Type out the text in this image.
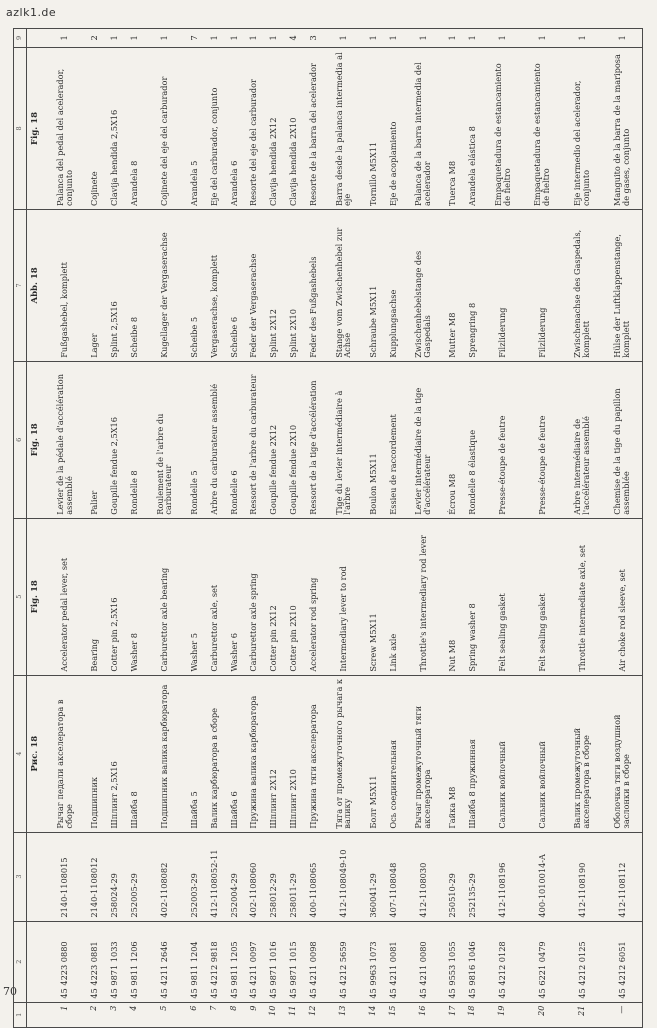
azlk1.de
70
1	2	3	4	5	6	7	8	9
			Рис. 18	Fig. 18	Fig. 18	Abb. 18	Fig. 18	
1	45 4223 0880	2140-1108015	Рычаг педали акселератора в сборе	Accelerator pedal lever, set	Levier de la pédale d'accélération assemblé	Fußgashebel, komplett	Palanca del pedal del acelerador, conjunto	1
2	45 4223 0881	2140-1108012	Подшипник	Bearing	Palier	Lager	Cojinete	2
3	45 9871 1033	258024-29	Шплинт 2,5X16	Cotter pin 2,5X16	Goupille fendue 2,5X16	Splint 2,5X16	Clavija hendida 2,5X16	1
4	45 9811 1206	252005-29	Шайба 8	Washer 8	Rondelle 8	Scheibe 8	Arandela 8	1
5	45 4211 2646	402-1108082	Подшипник валика карбюратора	Carburettor axle bearing	Roulement de l'arbre du carburateur	Kugellager der Vergaserachse	Cojinete del eje del carburador	1
6	45 9811 1204	252003-29	Шайба 5	Washer 5	Rondelle 5	Scheibe 5	Arandela 5	7
7	45 4212 9818	412-1108052-11	Валик карбюратора в сборе	Carburettor axle, set	Arbre du carburateur assemblé	Vergaserachse, komplett	Eje del carburador, conjunto	1
8	45 9811 1205	252004-29	Шайба 6	Washer 6	Rondelle 6	Scheibe 6	Arandela 6	1
9	45 4211 0097	402-1108060	Пружина валика карбюратора	Carburettor axle spring	Ressort de l'arbre du carburateur	Feder der Vergaserachse	Resorte del eje del carburador	1
10	45 9871 1016	258012-29	Шплинт 2X12	Cotter pin 2X12	Goupille fendue 2X12	Splint 2X12	Clavija hendida 2X12	1
11	45 9871 1015	258011-29	Шплинт 2X10	Cotter pin 2X10	Goupille fendue 2X10	Splint 2X10	Clavija hendida 2X10	4
12	45 4211 0098	400-1108065	Пружина тяги акселератора	Accelerator rod spring	Ressort de la tige d'accélération	Feder des Fußgashebels	Resorte de la barra del acelerador	3
13	45 4212 5659	412-1108049-10	Тяга от промежуточного рычага к валику	Intermediary lever to rod	Tige du levier intermédiaire à l'arbre	Stange vom Zwischenhebel zur Achse	Barra desde la palanca intermedia al eje	1
14	45 9963 1073	360041-29	Болт M5X11	Screw M5X11	Boulon M5X11	Schraube M5X11	Tornillo M5X11	1
15	45 4211 0081	407-1108048	Ось соединительная	Link axle	Essieu de raccordement	Kupplungsachse	Eje de acoplamiento	1
16	45 4211 0080	412-1108030	Рычаг промежуточный тяги акселератора	Throttle's intermediary rod lever	Levier intermédiaire de la tige d'accélérateur	Zwischenhebelstange des Gaspedals	Palanca de la barra intermedia del acelerador	1
17	45 9553 1055	250510-29	Гайка M8	Nut M8	Écrou M8	Mutter M8	Tuerca M8	1
18	45 9816 1046	252135-29	Шайба 8 пружинная	Spring washer 8	Rondelle 8 élastique	Sprengring 8	Arandela elástica 8	1
19	45 4212 0128	412-1108196	Сальник войлочный	Felt sealing gasket	Presse-étoupe de feutre	Filzliderung	Empaquetadura de estancamiento de fieltro	1
20	45 6221 0479	400-1010014-A	Сальник войлочный	Felt sealing gasket	Presse-étoupe de feutre	Filzliderung	Empaquetadura de estancamiento de fieltro	1
21	45 4212 0125	412-1108190	Валик промежуточный акселератора в сборе	Throttle intermediate axle, set	Arbre intermédiaire de l'accélérateur assemblé	Zwischenachse des Gaspedals, komplett	Eje intermedio del acelerador, conjunto	1
—	45 4212 6051	412-1108112	Оболочка тяги воздушной заслонки в сборе	Air choke rod sleeve, set	Chemise de la tige du papillon assemblée	Hülse der Luftklappenstange, komplett	Manguito de la barra de la mariposa de gases, conjunto	1
